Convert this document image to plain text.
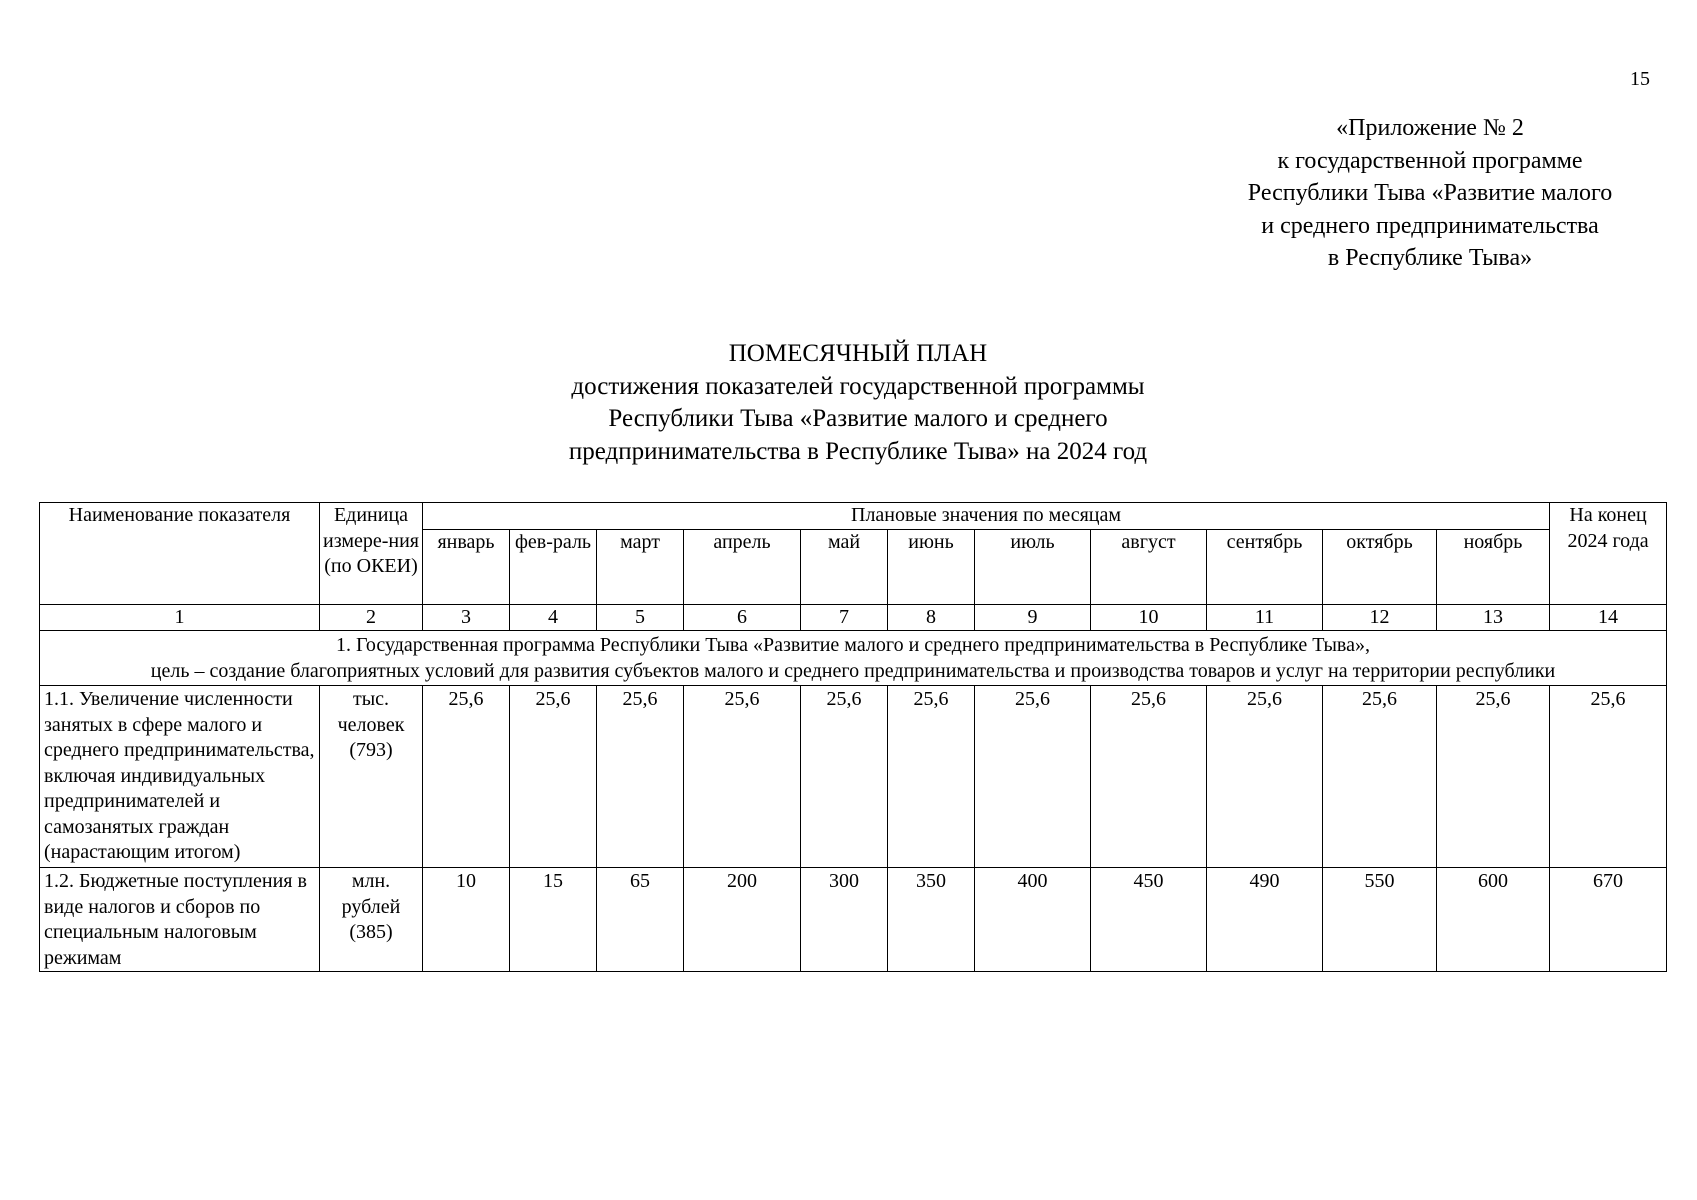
15
«Приложение № 2
к государственной программе
Республики Тыва «Развитие малого
и среднего предпринимательства
в Республике Тыва»
ПОМЕСЯЧНЫЙ ПЛАН
достижения показателей государственной программы
Республики Тыва «Развитие малого и среднего
предпринимательства в Республике Тыва» на 2024 год
Наименование показателя	Единица измере-ния (по ОКЕИ)	Плановые значения по месяцам											На конец 2024 года
		январь	фев-раль	март	апрель	май	июнь	июль	август	сентябрь	октябрь	ноябрь	
1	2	3	4	5	6	7	8	9	10	11	12	13	14

1. Государственная программа Республики Тыва «Развитие малого и среднего предпринимательства в Республике Тыва»,
цель – создание благоприятных условий для развития субъектов малого и среднего предпринимательства и производства товаров и услуг на территории республики													

1.1. Увеличение численности занятых в сфере малого и среднего предпринимательства, включая индивидуальных предпринимателей и самозанятых граждан (нарастающим итогом)	тыс. человек (793)	25,6	25,6	25,6	25,6	25,6	25,6	25,6	25,6	25,6	25,6	25,6	25,6
1.2. Бюджетные поступления в виде налогов и сборов по специальным налоговым режимам	млн. рублей (385)	10	15	65	200	300	350	400	450	490	550	600	670
